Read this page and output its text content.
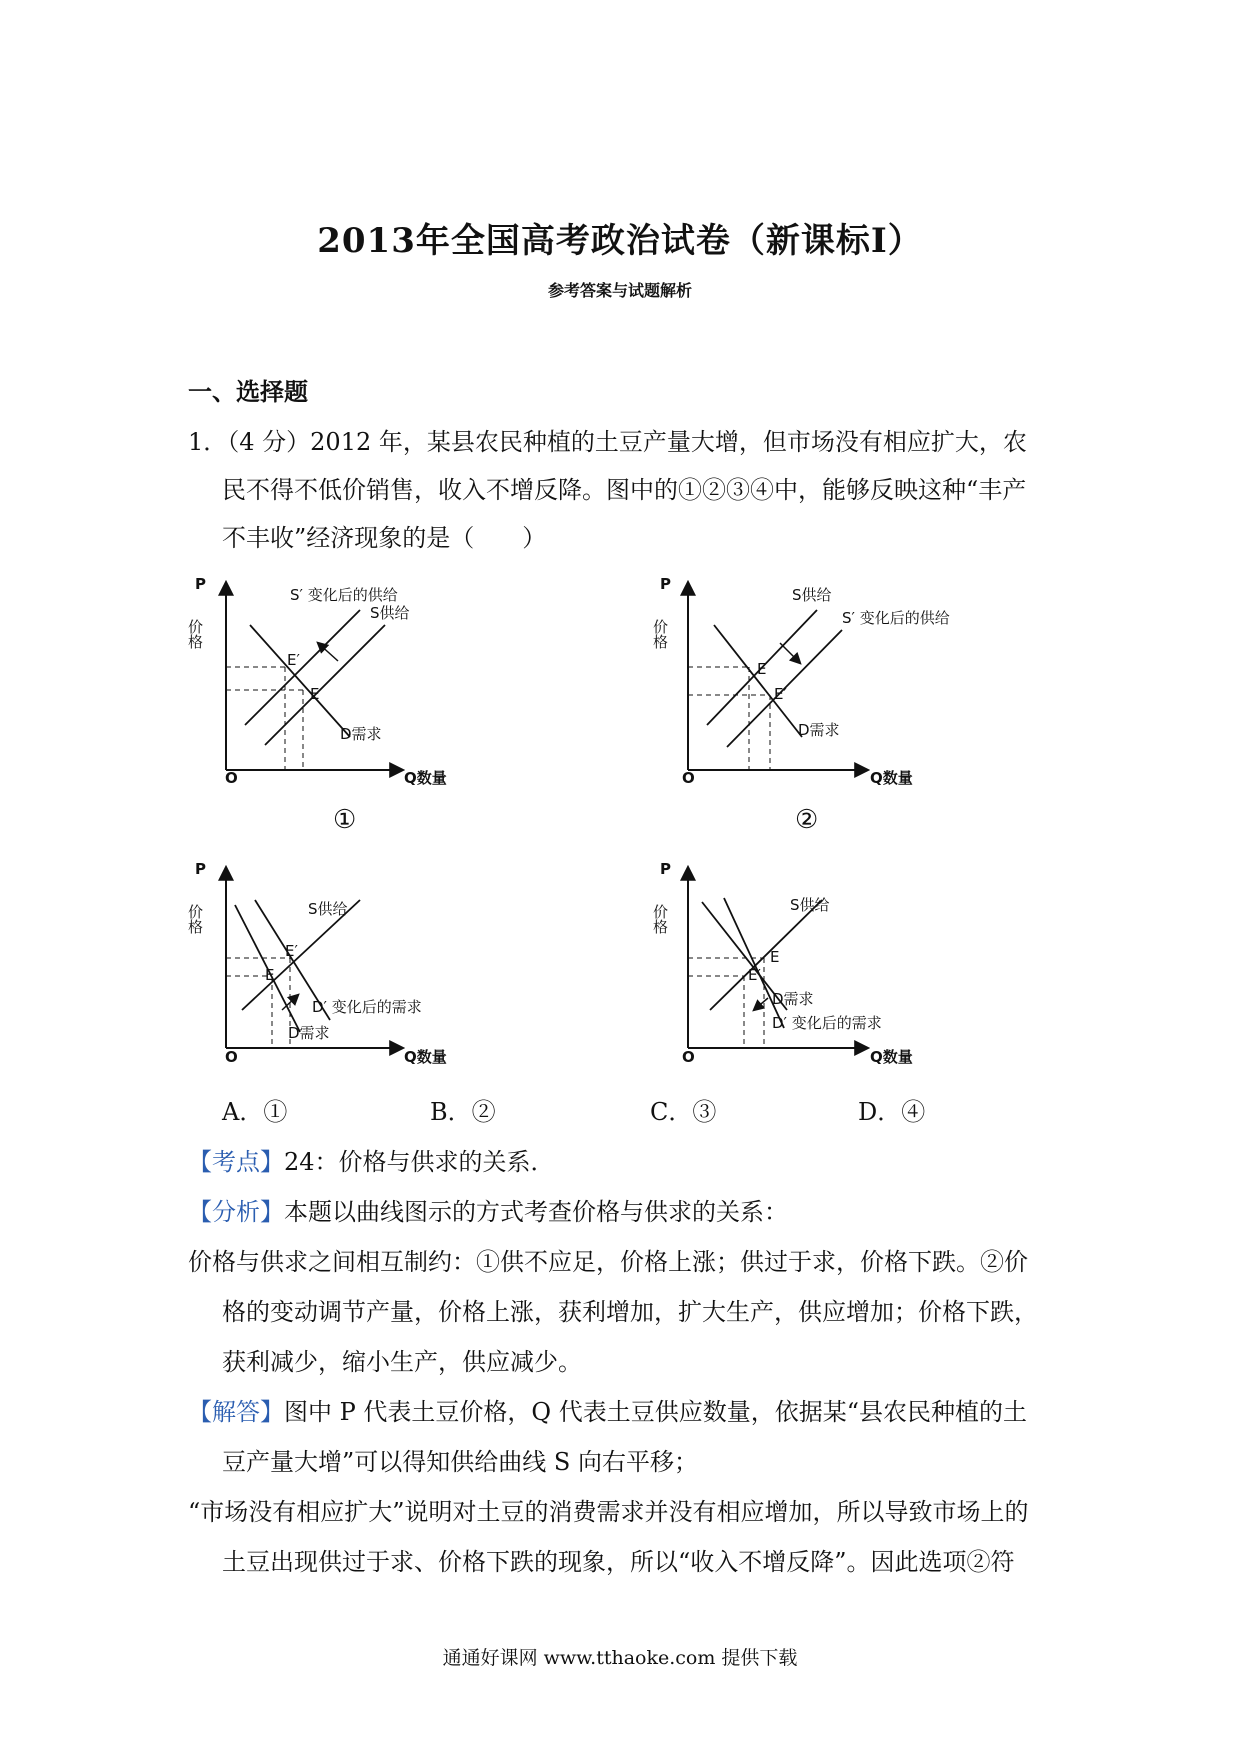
2013年全国高考政治试卷（新课标I）
参考答案与试题解析
一、选择题
1．（4 分）2012 年，某县农民种植的土豆产量大增，但市场没有相应扩大，农
民不得不低价销售，收入不增反降。图中的①②③④中，能够反映这种“丰产
不丰收”经济现象的是（　　）
P
价格
O	Q数量
S′ 变化后的供给
S供给
E′
E
D需求
①
P
价格
O	Q数量
S供给
S′ 变化后的供给
E
E′
D需求
②
P
价格
O	Q数量
S供给
E′
E
D′ 变化后的需求
D需求
P
价格
O	Q数量
S供给
E
E′
D需求
D′ 变化后的需求
A．①	B．②	C．③	D．④
【考点】24：价格与供求的关系．
【分析】本题以曲线图示的方式考查价格与供求的关系：
价格与供求之间相互制约：①供不应足，价格上涨；供过于求，价格下跌。②价
格的变动调节产量，价格上涨，获利增加，扩大生产，供应增加；价格下跌，
获利减少，缩小生产，供应减少。
【解答】图中 P 代表土豆价格，Q 代表土豆供应数量，依据某“县农民种植的土
豆产量大增”可以得知供给曲线 S 向右平移；
“市场没有相应扩大”说明对土豆的消费需求并没有相应增加，所以导致市场上的
土豆出现供过于求、价格下跌的现象，所以“收入不增反降”。因此选项②符
通通好课网 www.tthaoke.com 提供下载
